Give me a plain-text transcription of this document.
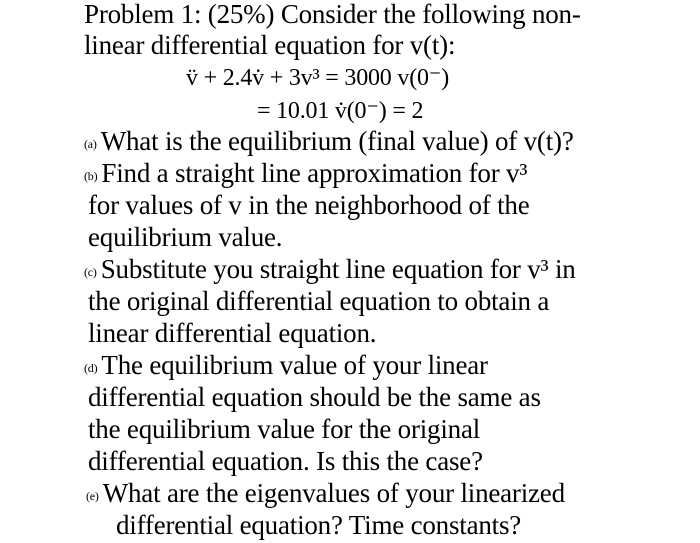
Problem 1: (25%) Consider the following non-
linear differential equation for v(t):
v̈ + 2.4v̇ + 3v³ = 3000 v(0⁻)
= 10.01 v̇(0⁻) = 2
(a) What is the equilibrium (final value) of v(t)?
(b) Find a straight line approximation for v³
for values of v in the neighborhood of the
equilibrium value.
(c) Substitute you straight line equation for v³ in
the original differential equation to obtain a
linear differential equation.
(d) The equilibrium value of your linear
differential equation should be the same as
the equilibrium value for the original
differential equation. Is this the case?
(e) What are the eigenvalues of your linearized
differential equation? Time constants?
